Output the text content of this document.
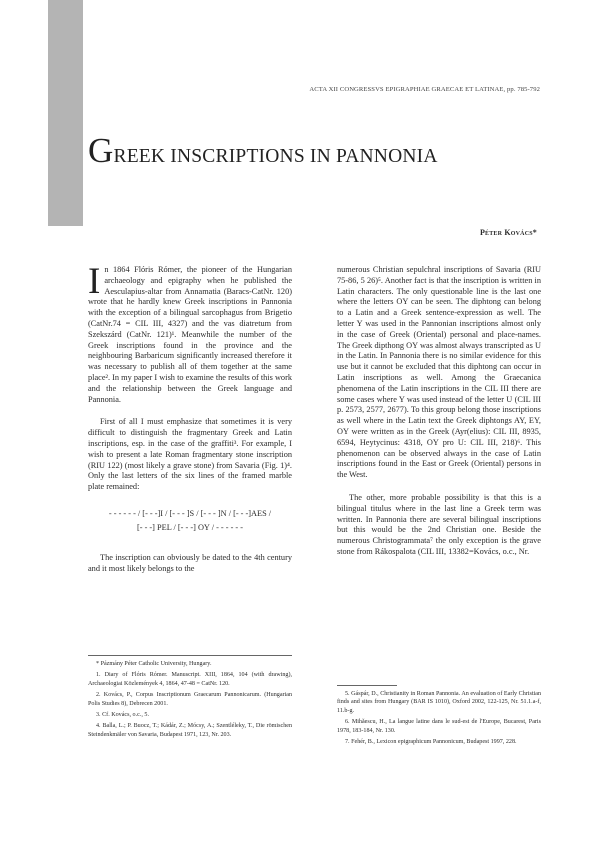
ACTA XII CONGRESSVS EPIGRAPHIAE GRAECAE ET LATINAE, pp. 785-792
GREEK INSCRIPTIONS IN PANNONIA
Péter Kovács*

In 1864 Flóris Rómer, the pioneer of the Hungarian archaeology and epigraphy when he published the Aesculapius-altar from Annamatia (Baracs-CatNr. 120) wrote that he hardly knew Greek inscriptions in Pannonia with the exception of a bilingual sarcophagus from Brigetio (CatNr.74 = CIL III, 4327) and the vas diatretum from Szekszárd (CatNr. 121)¹. Meanwhile the number of the Greek inscriptions found in the province and the neighbouring Barbaricum significantly increased therefore it was necessary to publish all of them together at the same place². In my paper I wish to examine the results of this work and the relationship between the Greek language and Pannonia.

First of all I must emphasize that sometimes it is very difficult to distinguish the fragmentary Greek and Latin inscriptions, esp. in the case of the graffiti³. For example, I wish to present a late Roman fragmentary stone inscription (RIU 122) (most likely a grave stone) from Savaria (Fig. 1)⁴. Only the last letters of the six lines of the framed marble plate remained:

- - - - - - / [- - -]I / [- - - ]S / [- - - ]N / [- - -]AES /
[- - -] PEL / [- - -] OY / - - - - - -

The inscription can obviously be dated to the 4th century and it most likely belongs to the

numerous Christian sepulchral inscriptions of Savaria (RIU 75-86, 5 26)⁵. Another fact is that the inscription is written in Latin characters. The only questionable line is the last one where the letters OY can be seen. The diphtong can belong to a Latin and a Greek sentence-expression as well. The letter Y was used in the Pannonian inscriptions almost only in the case of Greek (Oriental) personal and place-names. The Greek dipthong OY was almost always transcripted as U in the Latin. In Pannonia there is no similar evidence for this use but it cannot be excluded that this diphtong can occur in Latin inscriptions as well. Among the Graecanica phenomena of the Latin inscriptions in the CIL III there are some cases where Y was used instead of the letter U (CIL III p. 2573, 2577, 2677). To this group belong those inscriptions as well where in the Latin text the Greek diphtongs AY, EY, OY were written as in the Greek (Ayr(elius): CIL III, 8935, 6594, Heytycinus: 4318, OY pro U: CIL III, 218)⁶. This phenomenon can be observed always in the case of Latin inscriptions found in the East or Greek (Oriental) persons in the West.

The other, more probable possibility is that this is a bilingual titulus where in the last line a Greek term was written. In Pannonia there are several bilingual inscriptions but this would be the 2nd Christian one. Beside the numerous Christogrammata⁷ the only exception is the grave stone from Rákospalota (CIL III, 13382=Kovács, o.c., Nr.

* Pázmány Péter Catholic University, Hungary.

1. Diary of Flóris Rómer. Manuscript. XIII, 1864, 104 (with drawing), Archaeologiai Közlemények 4, 1864, 47-48 = CatNr. 120.

2. Kovács, P., Corpus Inscriptionum Graecarum Pannonicarum. (Hungarian Polis Studies 8), Debrecen 2001.

3. Cf. Kovács, o.c., 5.

4. Balla, L.; P. Buocz, T.; Kádár, Z.; Mócsy, A.; Szentléleky, T., Die römischen Steindenkmäler von Savaria, Budapest 1971, 123, Nr. 203.

5. Gáspár, D., Christianity in Roman Pannonia. An evaluation of Early Christian finds and sites from Hungary (BAR IS 1010), Oxford 2002, 122-125, Nr. 51.1.a-f, 11.b-g.

6. Mihăescu, H., La langue latine dans le sud-est de l'Europe, Bucarest, Paris 1978, 183-184, Nr. 130.

7. Fehér, B., Lexicon epigraphicum Pannonicum, Budapest 1997, 228.
